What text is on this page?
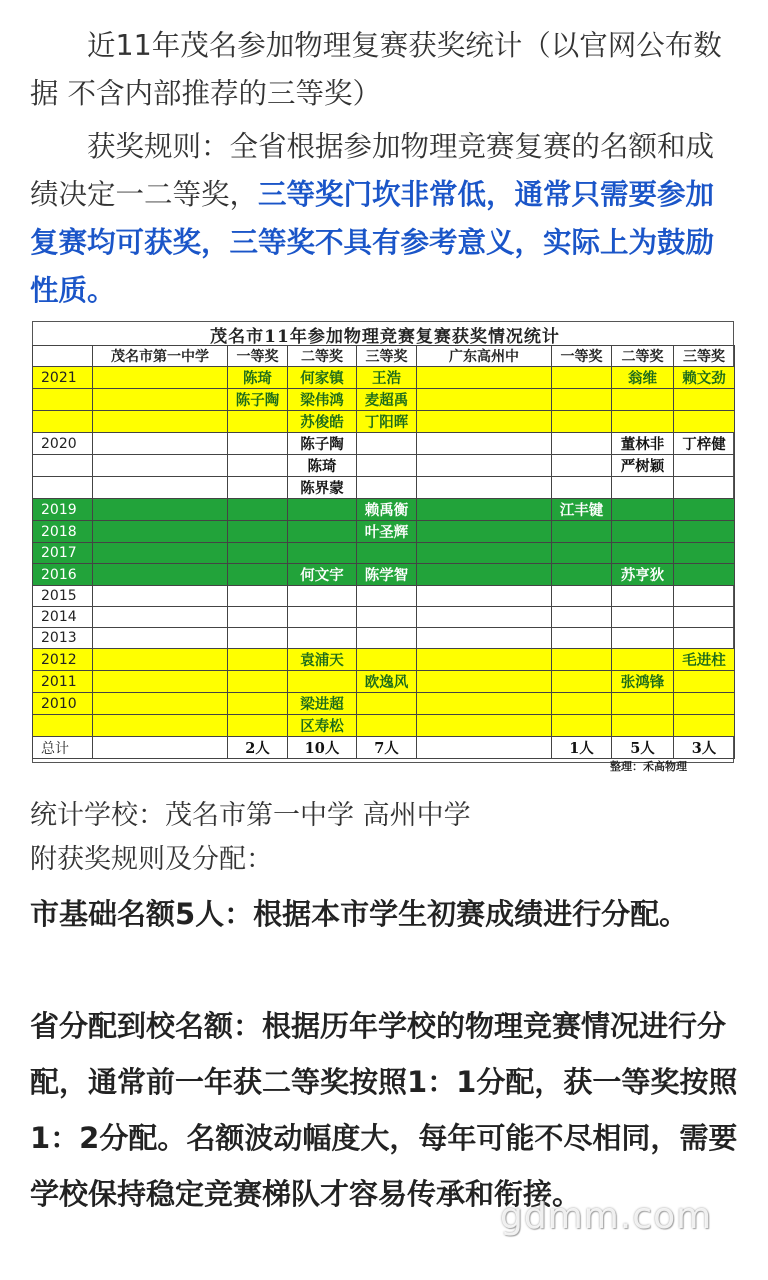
近11年茂名参加物理复赛获奖统计（以官网公布数据 不含内部推荐的三等奖）
获奖规则：全省根据参加物理竞赛复赛的名额和成绩决定一二等奖，三等奖门坎非常低，通常只需要参加复赛均可获奖，三等奖不具有参考意义，实际上为鼓励性质。
茂名市11年参加物理竞赛复赛获奖情况统计
	茂名市第一中学	一等奖	二等奖	三等奖	广东高州中	一等奖	二等奖	三等奖
2021		陈琦	何家镇	王浩			翁维	赖文劲
		陈子陶	梁伟鸿	麦超禹				
			苏俊皓	丁阳晖				
2020			陈子陶				董林非	丁梓健
			陈琦				严树颖	
			陈界蒙					
2019				赖禹衡		江丰键		
2018				叶圣辉				
2017								
2016			何文宇	陈学智			苏亨狄	
2015								
2014								
2013								
2012			袁浦天					毛进柱
2011				欧逸风			张鸿锋	
2010			梁进超					
			区寿松					
总计		2人	10人	7人		1人	5人	3人
整理：禾高物理
统计学校：茂名市第一中学 高州中学
附获奖规则及分配：
市基础名额5人：根据本市学生初赛成绩进行分配。
省分配到校名额：根据历年学校的物理竞赛情况进行分配，通常前一年获二等奖按照1：1分配，获一等奖按照1：2分配。名额波动幅度大，每年可能不尽相同，需要学校保持稳定竞赛梯队才容易传承和衔接。
gdmm.com
